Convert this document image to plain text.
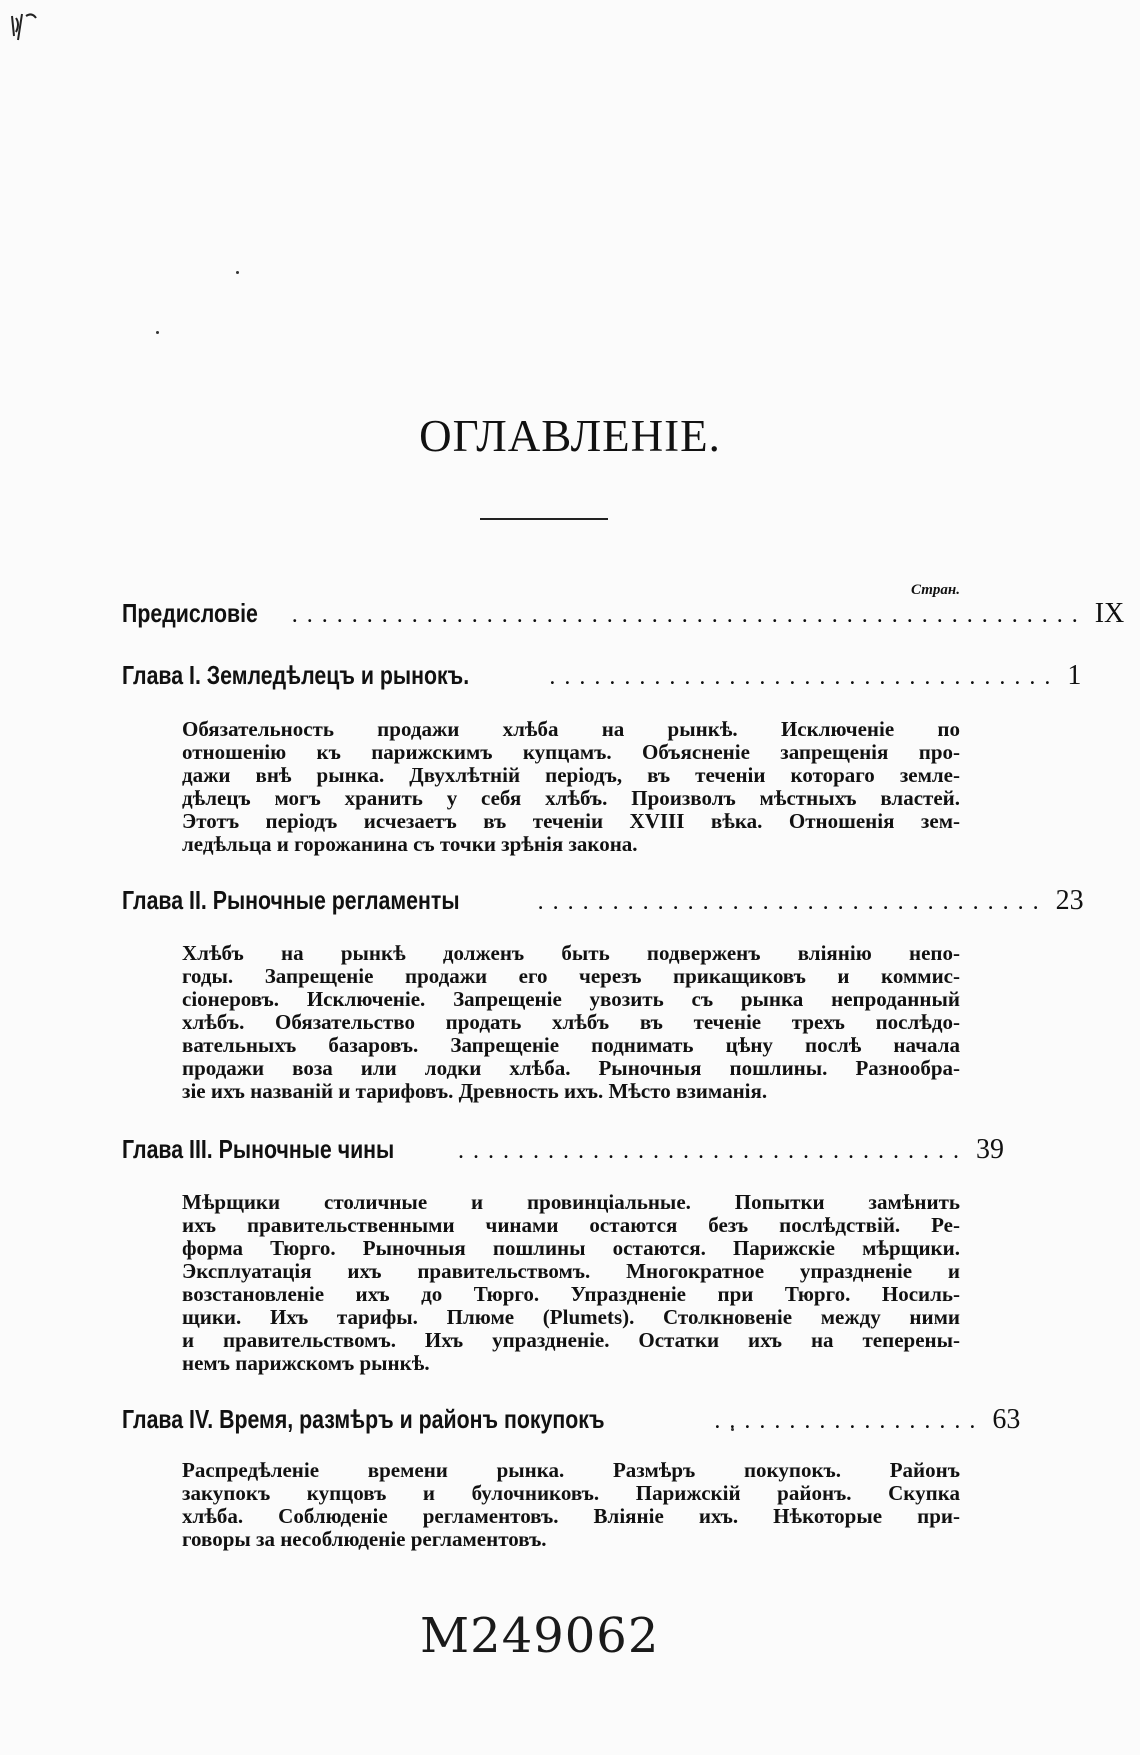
ОГЛАВЛЕНІЕ.
Стран.
Предисловіе ..................................................... IX
Глава I. Земледѣлецъ и рынокъ.	.................................. 1
Обязательность продажи хлѣба на рынкѣ. Исключеніе по
отношенію къ парижскимъ купцамъ. Объясненіе запрещенія про-
дажи внѣ рынка. Двухлѣтній періодъ, въ теченіи котораго земле-
дѣлецъ могъ хранить у себя хлѣбъ. Произволъ мѣстныхъ властей.
Этотъ періодъ исчезаетъ въ теченіи XVIII вѣка. Отношенія зем-
ледѣльца и горожанина съ точки зрѣнія закона.
Глава II. Рыночные регламенты	.................................. 23
Хлѣбъ на рынкѣ долженъ быть подверженъ вліянію непо-
годы. Запрещеніе продажи его черезъ прикащиковъ и коммис-
сіонеровъ. Исключеніе. Запрещеніе увозить съ рынка непроданный
хлѣбъ. Обязательство продать хлѣбъ въ теченіе трехъ послѣдо-
вательныхъ базаровъ. Запрещеніе поднимать цѣну послѣ начала
продажи воза или лодки хлѣба. Рыночныя пошлины. Разнообра-
зіе ихъ названій и тарифовъ. Древность ихъ. Мѣсто взиманія.
Глава III. Рыночные чины	.................................. 39
Мѣрщики столичные и провинціальные. Попытки замѣнить
ихъ правительственными чинами остаются безъ послѣдствій. Ре-
форма Тюрго. Рыночныя пошлины остаются. Парижскіе мѣрщики.
Эксплуатація ихъ правительствомъ. Многократное упраздненіе и
возстановленіе ихъ до Тюрго. Упраздненіе при Тюрго. Носиль-
щики. Ихъ тарифы. Плюме (Plumets). Столкновеніе между ними
и правительствомъ. Ихъ упраздненіе. Остатки ихъ на теперены-
немъ парижскомъ рынкѣ.
Глава IV. Время, размѣръ и районъ покупокъ	.................. 63
Распредѣленіе времени рынка. Размѣръ покупокъ. Районъ
закупокъ купцовъ и булочниковъ. Парижскій районъ. Скупка
хлѣба. Соблюденіе регламентовъ. Вліяніе ихъ. Нѣкоторые при-
говоры за несоблюденіе регламентовъ.
M249062
